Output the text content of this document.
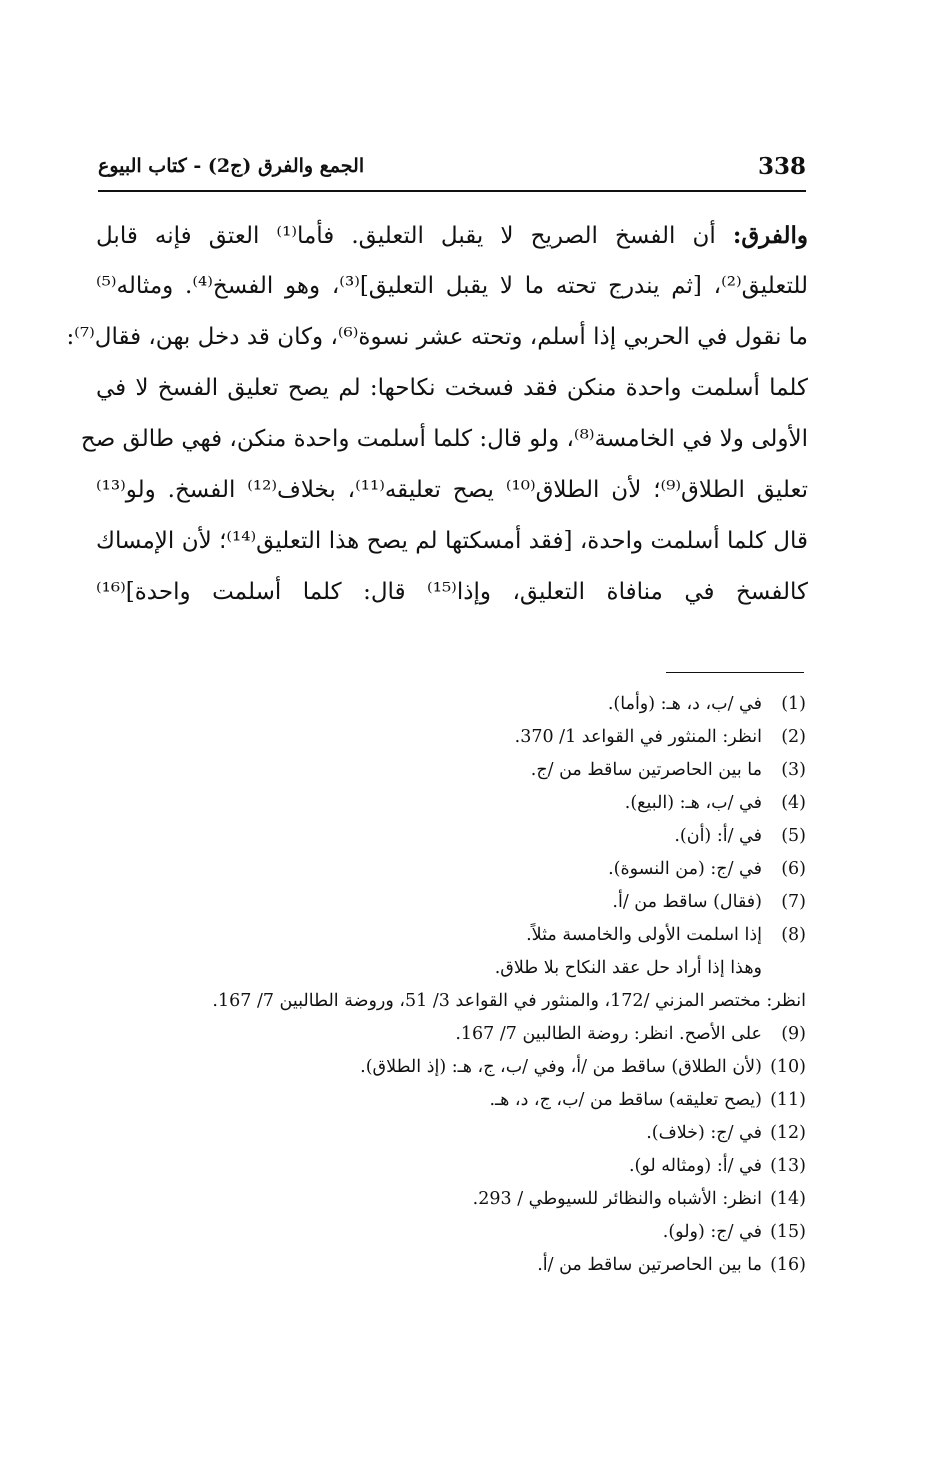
338
الجمع والفرق (ج2) - كتاب البيوع
والفرق: أن الفسخ الصريح لا يقبل التعليق. فأما⁽¹⁾ العتق فإنه قابل
للتعليق⁽²⁾، [ثم يندرج تحته ما لا يقبل التعليق]⁽³⁾، وهو الفسخ⁽⁴⁾. ومثاله⁽⁵⁾
ما نقول في الحربي إذا أسلم، وتحته عشر نسوة⁽⁶⁾، وكان قد دخل بهن، فقال⁽⁷⁾:
كلما أسلمت واحدة منكن فقد فسخت نكاحها: لم يصح تعليق الفسخ لا في
الأولى ولا في الخامسة⁽⁸⁾، ولو قال: كلما أسلمت واحدة منكن، فهي طالق صح
تعليق الطلاق⁽⁹⁾؛ لأن الطلاق⁽¹⁰⁾ يصح تعليقه⁽¹¹⁾، بخلاف⁽¹²⁾ الفسخ. ولو⁽¹³⁾
قال كلما أسلمت واحدة، [فقد أمسكتها لم يصح هذا التعليق⁽¹⁴⁾؛ لأن الإمساك
كالفسخ في منافاة التعليق، وإذا⁽¹⁵⁾ قال: كلما أسلمت واحدة]⁽¹⁶⁾
(1)
في /ب، د، هـ: (وأما).
(2)
انظر: المنثور في القواعد 1/ 370.
(3)
ما بين الحاصرتين ساقط من /ج.
(4)
في /ب، هـ: (البيع).
(5)
في /أ: (أن).
(6)
في /ج: (من النسوة).
(7)
(فقال) ساقط من /أ.
(8)
إذا اسلمت الأولى والخامسة مثلاً.
وهذا إذا أراد حل عقد النكاح بلا طلاق.
انظر: مختصر المزني /172، والمنثور في القواعد 3/ 51، وروضة الطالبين 7/ 167.
(9)
على الأصح. انظر: روضة الطالبين 7/ 167.
(10)
(لأن الطلاق) ساقط من /أ، وفي /ب، ج، هـ: (إذ الطلاق).
(11)
(يصح تعليقه) ساقط من /ب، ج، د، هـ.
(12)
في /ج: (خلاف).
(13)
في /أ: (ومثاله لو).
(14)
انظر: الأشباه والنظائر للسيوطي / 293.
(15)
في /ج: (ولو).
(16)
ما بين الحاصرتين ساقط من /أ.
